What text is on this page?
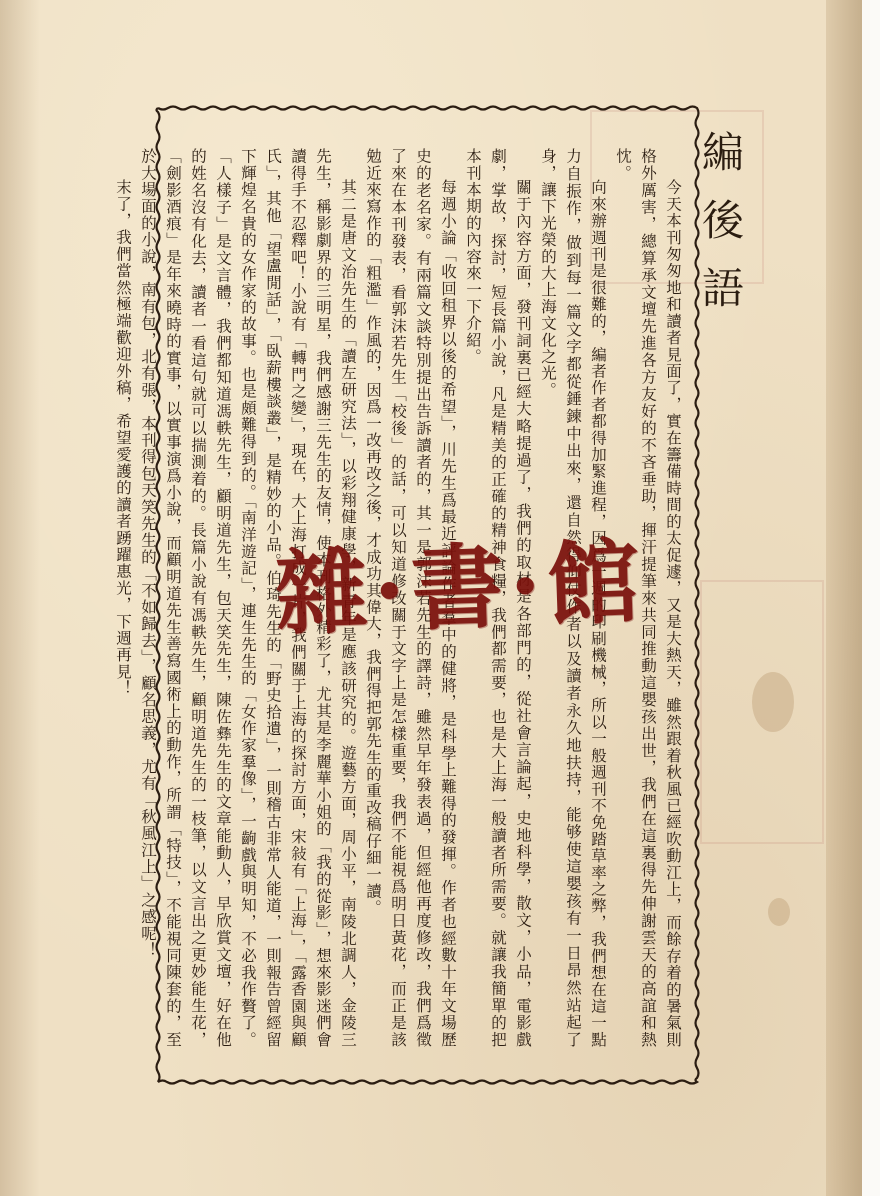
編後語

今天本刊匆匆地和讀者見面了，實在籌備時間的太促遽，又是大熱天，雖然跟着秋風已經吹動江上，而餘存着的暑氣則格外厲害，總算承文壇先進各方友好的不吝垂助，揮汗提筆來共同推動這嬰孩出世，我們在這裏得先伸謝雲天的高誼和熱忱。

向來辦週刊是很難的，編者作者都得加緊進程，因爲一週的印刷機械，所以一般週刊不免踏草率之弊，我們想在這一點力自振作，做到每一篇文字都從錘鍊中出來，還自然得仰仗作者以及讀者永久地扶持，能够使這嬰孩有一日昂然站起了身，讓下光榮的大上海文化之光。

關于內容方面，發刊詞裏已經大略提過了，我們的取材是各部門的，從社會言論起，史地科學，散文，小品，電影戲劇，掌故，探討，短長篇小說，凡是精美的正確的精神食糧，我們都需要，也是大上海一般讀者所需要。就讓我簡單的把本刊本期的內容來一下介紹。

每週小論「收回租界以後的希望」，川先生爲最近評論作者羣中的健將，是科學上難得的發揮。作者也經數十年文場歷史的老名家。有兩篇文談特別提出告訴讀者的，其一是郭沫若先生的譯詩，雖然早年發表過，但經他再度修改，我們爲徵了來在本刊發表，看郭沫若先生「校後」的話，可以知道修改關于文字上是怎樣重要，我們不能視爲明日黃花，而正是該勉近來寫作的「粗濫」作風的，因爲一改再改之後，才成功其偉大，我們得把郭先生的重改稿仔細一讀。

其二是唐文治先生的「讀左研究法」，以彩翔健康學，新青年是應該研究的。遊藝方面，周小平，南陵北調人，金陵三先生，稱影劇界的三明星，我們感謝三先生的友情，使本刊格外精彩了，尤其是李麗華小姐的「我的從影」，想來影迷們會讀得手不忍釋吧！小說有「轉門之變」，現在，大上海打成一片，我們關于上海的探討方面，宋敍有「上海」，「露香園與顧氏」，其他「望盧閒話」，「臥薪樓談叢」，是精妙的小品。伯琦先生的「野史拾遺」，一則稽古非常人能道，一則報告曾經留下輝煌名貴的女作家的故事。也是頗難得到的。「南洋遊記」，連生先生的「女作家羣像」，一齣戲與明知，不必我作贅了。「人樣子」是文言體，我們都知道馮軼先生，顧明道先生，包天笑先生，陳佐彝先生的文章能動人，早欣賞文壇，好在他的姓名沒有化去，讀者一看這句就可以揣測着的。長篇小說有馮軼先生，顧明道先生的一枝筆，以文言出之更妙能生花，「劍影酒痕」是年來曉時的實事，以實事演爲小說，而顧明道先生善寫國術上的動作，所謂「特技」，不能視同陳套的，至於大場面的小說，南有包，北有張，本刊得包天笑先生的「不如歸去」，顧名思義，尤有「秋風江上」之感呢！

末了，我們當然極端歡迎外稿，希望愛護的讀者踴躍惠光，下週再見！ 雜·書·館
